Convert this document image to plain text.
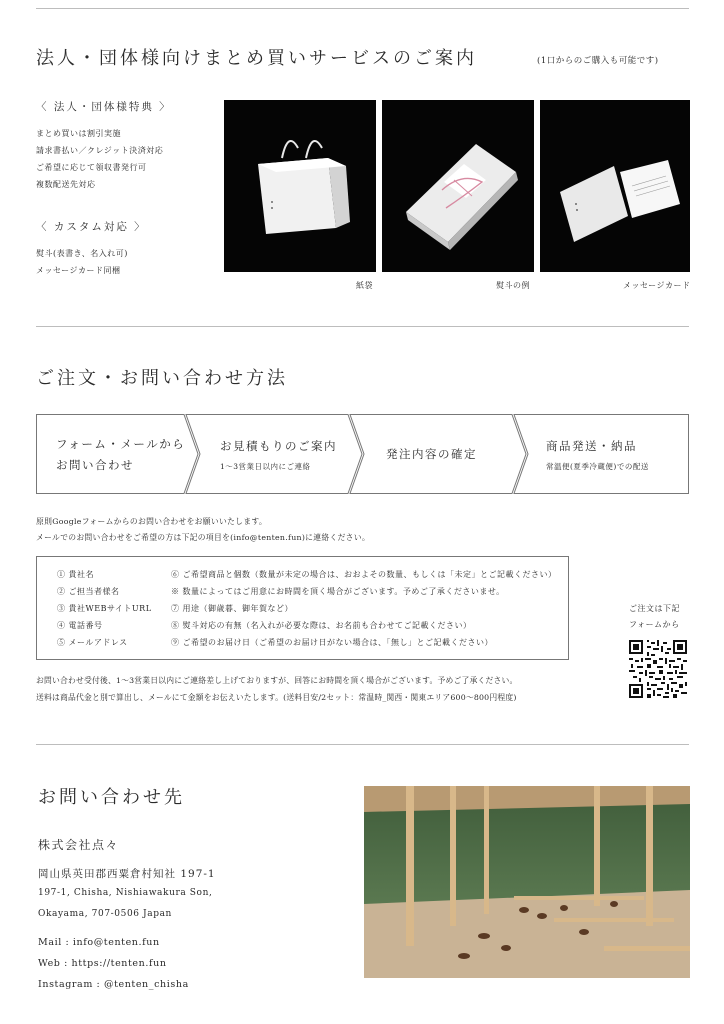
法人・団体様向けまとめ買いサービスのご案内	(1口からのご購入も可能です)
〈 法人・団体様特典 〉
まとめ買いは割引実施
請求書払い／クレジット決済対応
ご希望に応じて領収書発行可
複数配送先対応
〈 カスタム対応 〉
熨斗(表書き、名入れ可)
メッセージカード同梱
紙袋	熨斗の例	メッセージカード
ご注文・お問い合わせ方法
フォーム・メールから
お問い合わせ
お見積もりのご案内
1～3営業日以内にご連絡
発注内容の確定
商品発送・納品
常温便(夏季冷蔵便)での配送
原則Googleフォームからのお問い合わせをお願いいたします。
メールでのお問い合わせをご希望の方は下記の項目を(info@tenten.fun)に連絡ください。
① 貴社名
② ご担当者様名
③ 貴社WEBサイトURL
④ 電話番号
⑤ メールアドレス
⑥ ご希望商品と個数（数量が未定の場合は、おおよその数量、もしくは「未定」とご記載ください）
※ 数量によってはご用意にお時間を頂く場合がございます。予めご了承くださいませ。
⑦ 用途（御歳暮、御年賀など）
⑧ 熨斗対応の有無（名入れが必要な際は、お名前も合わせてご記載ください）
⑨ ご希望のお届け日（ご希望のお届け日がない場合は、「無し」とご記載ください）
ご注文は下記
フォームから
お問い合わせ受付後、1～3営業日以内にご連絡差し上げておりますが、回答にお時間を頂く場合がございます。予めご了承ください。
送料は商品代金と別で算出し、メールにて金額をお伝えいたします。(送料目安/2セット：常温時_関西・関東エリア600～800円程度)
お問い合わせ先
株式会社点々
岡山県英田郡西粟倉村知社 197-1
197-1, Chisha, Nishiawakura Son,
Okayama, 707-0506 Japan
Mail : info@tenten.fun
Web : https://tenten.fun
Instagram : @tenten_chisha
